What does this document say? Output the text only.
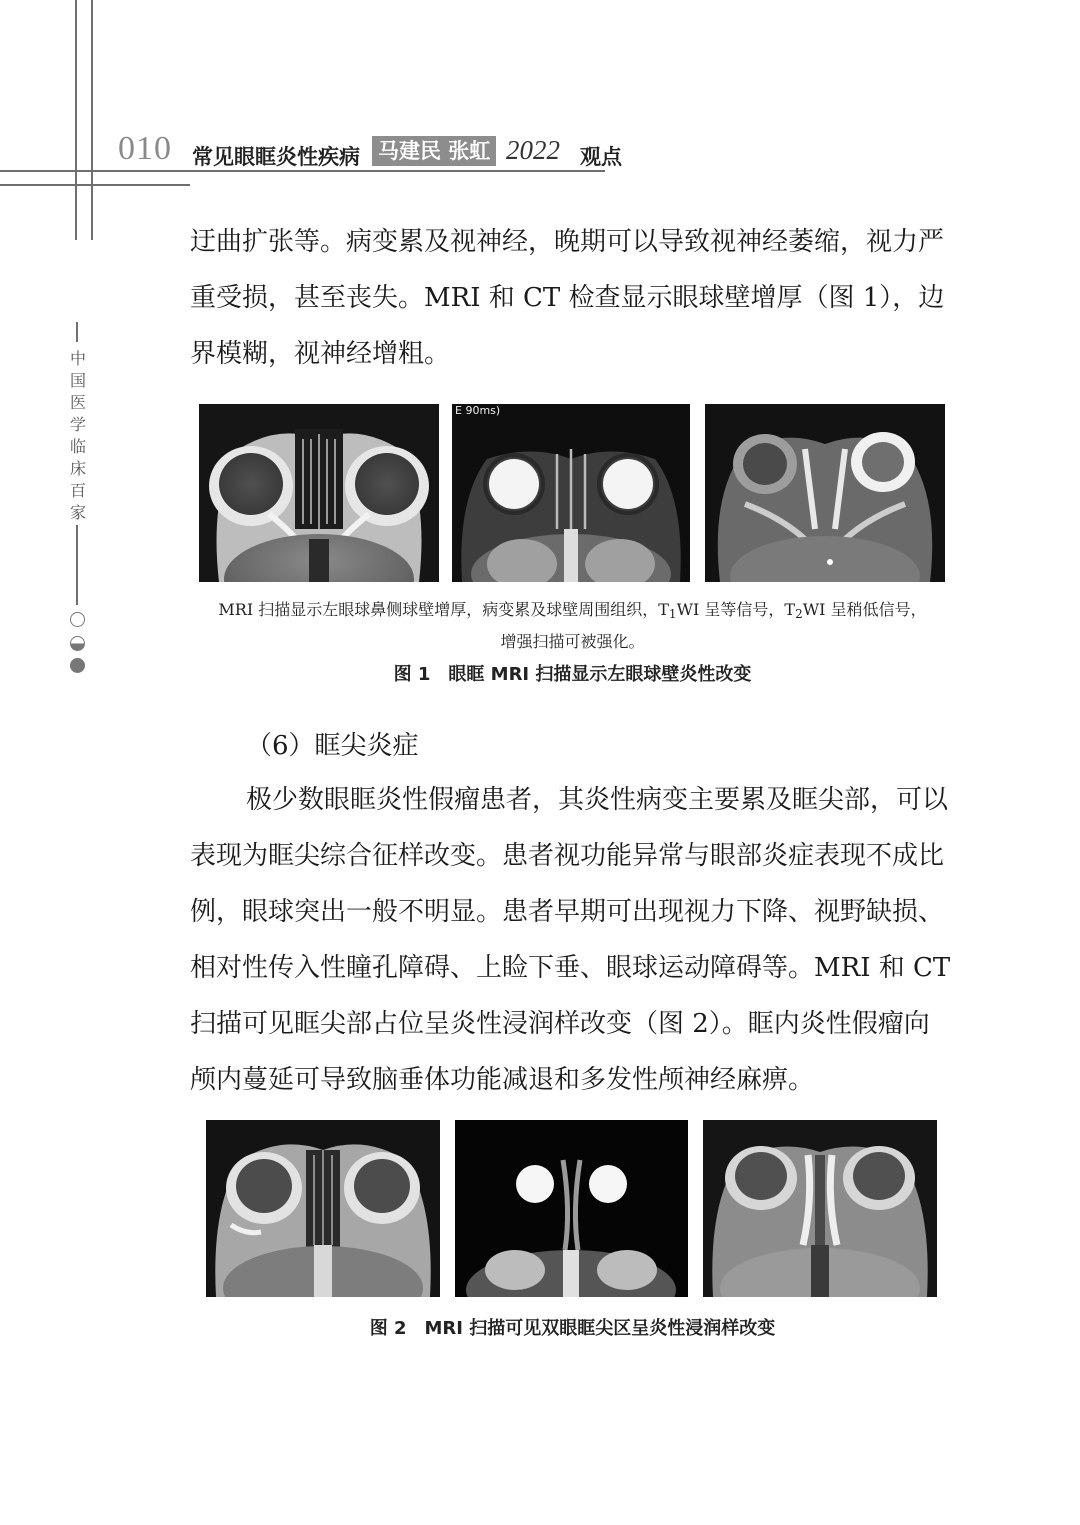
010 常见眼眶炎性疾病 马建民 张虹 2022 观点
中
国
医
学
临
床
百
家

迂曲扩张等。病变累及视神经，晚期可以导致视神经萎缩，视力严重受损，甚至丧失。MRI 和 CT 检查显示眼球壁增厚（图 1），边界模糊，视神经增粗。

E 90ms)
MRI 扫描显示左眼球鼻侧球壁增厚，病变累及球壁周围组织，$T_1WI$ 呈等信号，$T_2WI$ 呈稍低信号，
增强扫描可被强化。
图 1　眼眶 MRI 扫描显示左眼球壁炎性改变

（6）眶尖炎症

极少数眼眶炎性假瘤患者，其炎性病变主要累及眶尖部，可以表现为眶尖综合征样改变。患者视功能异常与眼部炎症表现不成比例，眼球突出一般不明显。患者早期可出现视力下降、视野缺损、相对性传入性瞳孔障碍、上睑下垂、眼球运动障碍等。MRI 和 CT 扫描可见眶尖部占位呈炎性浸润样改变（图 2）。眶内炎性假瘤向颅内蔓延可导致脑垂体功能减退和多发性颅神经麻痹。

图 2　MRI 扫描可见双眼眶尖区呈炎性浸润样改变
